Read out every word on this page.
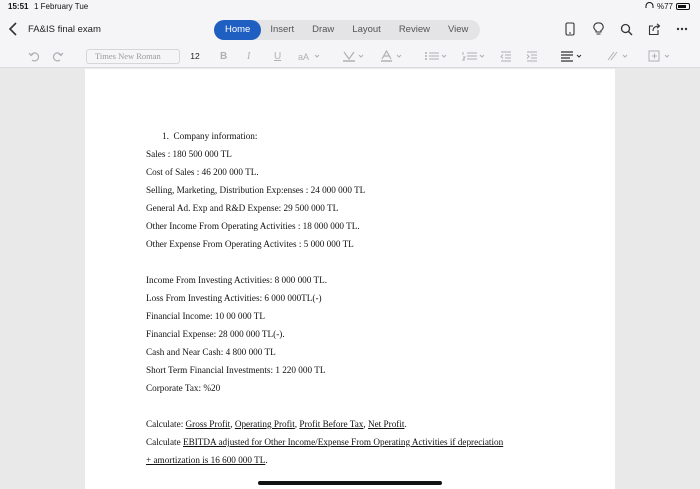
15:51 1 February Tue	%77
FA&IS final exam	Home	Insert	Draw	Layout	Review	View
Times New Roman	12	B I U aA
1.  Company information:
Sales : 180 500 000 TL
Cost of Sales : 46 200 000 TL.
Selling, Marketing, Distribution Exp:enses : 24 000 000 TL
General Ad. Exp and R&D Expense: 29 500 000 TL
Other Income From Operating Activities : 18 000 000 TL.
Other Expense From Operating Activites : 5 000 000 TL
Income From Investing Activities: 8 000 000 TL.
Loss From Investing Activities: 6 000 000TL(-)
Financial Income: 10 00 000 TL
Financial Expense: 28 000 000 TL(-).
Cash and Near Cash: 4 800 000 TL
Short Term Financial Investments: 1 220 000 TL
Corporate Tax: %20
Calculate: Gross Profit, Operating Profit, Profit Before Tax, Net Profit.
Calculate EBITDA adjusted for Other Income/Expense From Operating Activities if depreciation
+ amortization is 16 600 000 TL.
